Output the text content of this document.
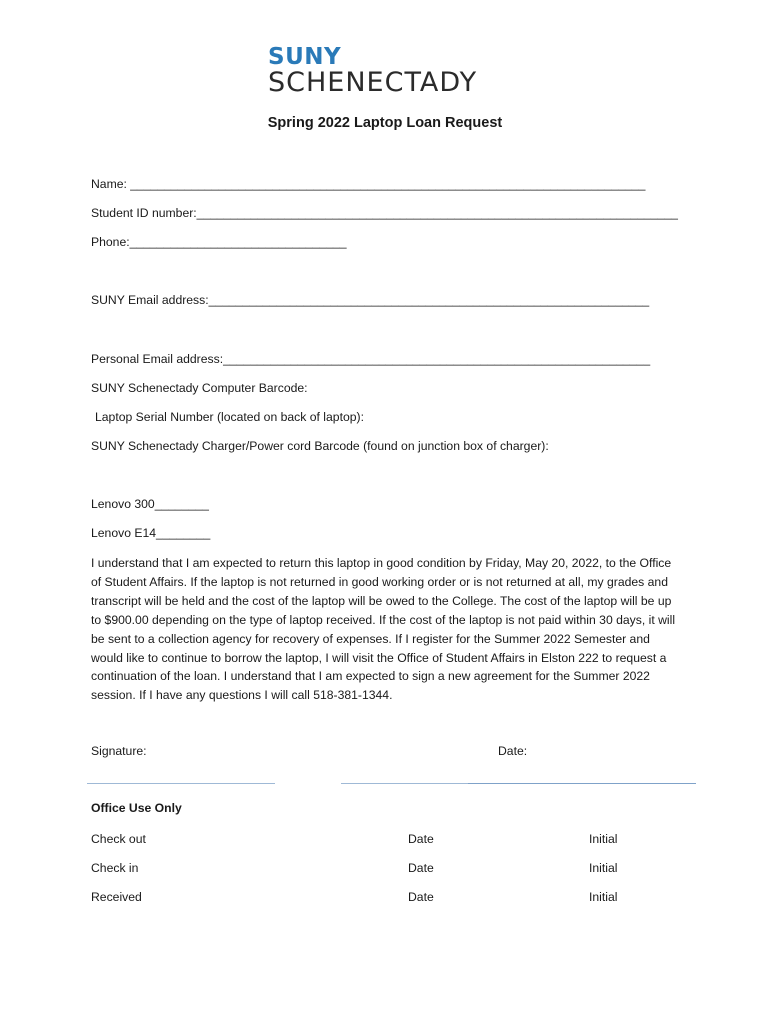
SUNY
SCHENECTADY
Spring 2022 Laptop Loan Request
Name: ____________________________________________________________________________
Student ID number:_______________________________________________________________________
Phone:________________________________
SUNY Email address:_________________________________________________________________
Personal Email address:_______________________________________________________________
SUNY Schenectady Computer Barcode:
Laptop Serial Number (located on back of laptop):
SUNY Schenectady Charger/Power cord Barcode (found on junction box of charger):
Lenovo 300________
Lenovo E14________
I understand that I am expected to return this laptop in good condition by Friday, May 20, 2022, to the Office of Student Affairs. If the laptop is not returned in good working order or is not returned at all, my grades and transcript will be held and the cost of the laptop will be owed to the College. The cost of the laptop will be up to $900.00 depending on the type of laptop received. If the cost of the laptop is not paid within 30 days, it will be sent to a collection agency for recovery of expenses. If I register for the Summer 2022 Semester and would like to continue to borrow the laptop, I will visit the Office of Student Affairs in Elston 222 to request a continuation of the loan. I understand that I am expected to sign a new agreement for the Summer 2022 session. If I have any questions I will call 518-381-1344.
Signature:	Date:
Office Use Only
Check out	Date	Initial
Check in	Date	Initial
Received	Date	Initial
